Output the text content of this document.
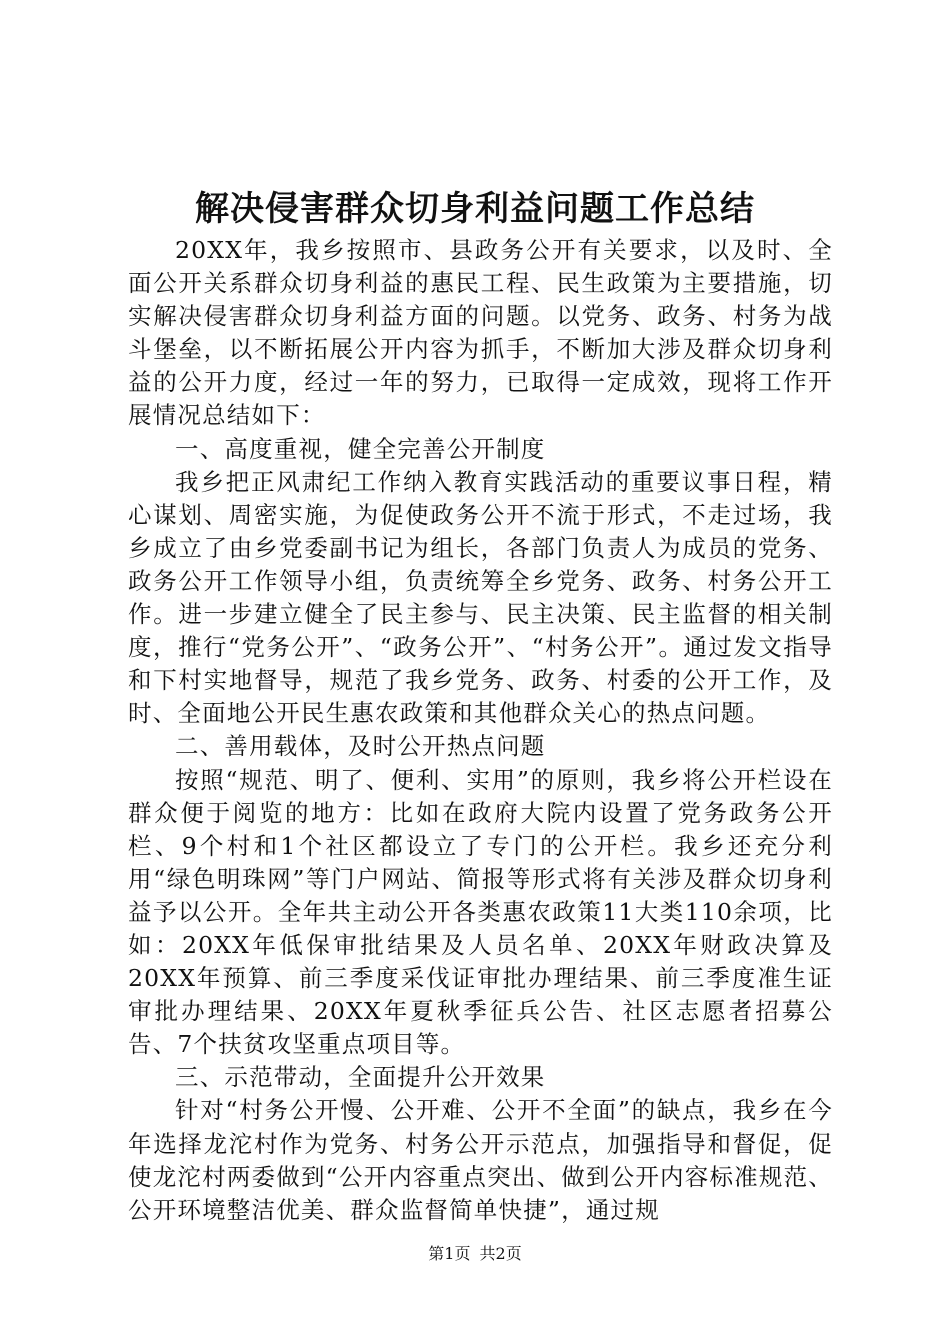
解决侵害群众切身利益问题工作总结

20XX年，我乡按照市、县政务公开有关要求，以及时、全面公开关系群众切身利益的惠民工程、民生政策为主要措施，切实解决侵害群众切身利益方面的问题。以党务、政务、村务为战斗堡垒，以不断拓展公开内容为抓手，不断加大涉及群众切身利益的公开力度，经过一年的努力，已取得一定成效，现将工作开展情况总结如下：

一、高度重视，健全完善公开制度

我乡把正风肃纪工作纳入教育实践活动的重要议事日程，精心谋划、周密实施，为促使政务公开不流于形式，不走过场，我乡成立了由乡党委副书记为组长，各部门负责人为成员的党务、政务公开工作领导小组，负责统筹全乡党务、政务、村务公开工作。进一步建立健全了民主参与、民主决策、民主监督的相关制度，推行“党务公开”、“政务公开”、“村务公开”。通过发文指导和下村实地督导，规范了我乡党务、政务、村委的公开工作，及时、全面地公开民生惠农政策和其他群众关心的热点问题。

二、善用载体，及时公开热点问题

按照“规范、明了、便利、实用”的原则，我乡将公开栏设在群众便于阅览的地方：比如在政府大院内设置了党务政务公开栏、9个村和1个社区都设立了专门的公开栏。我乡还充分利用“绿色明珠网”等门户网站、简报等形式将有关涉及群众切身利益予以公开。全年共主动公开各类惠农政策11大类110余项，比如：20XX年低保审批结果及人员名单、20XX年财政决算及20XX年预算、前三季度采伐证审批办理结果、前三季度准生证审批办理结果、20XX年夏秋季征兵公告、社区志愿者招募公告、7个扶贫攻坚重点项目等。

三、示范带动，全面提升公开效果

针对“村务公开慢、公开难、公开不全面”的缺点，我乡在今年选择龙沱村作为党务、村务公开示范点，加强指导和督促，促使龙沱村两委做到“公开内容重点突出、做到公开内容标准规范、公开环境整洁优美、群众监督简单快捷”，通过规

第1页 共2页
